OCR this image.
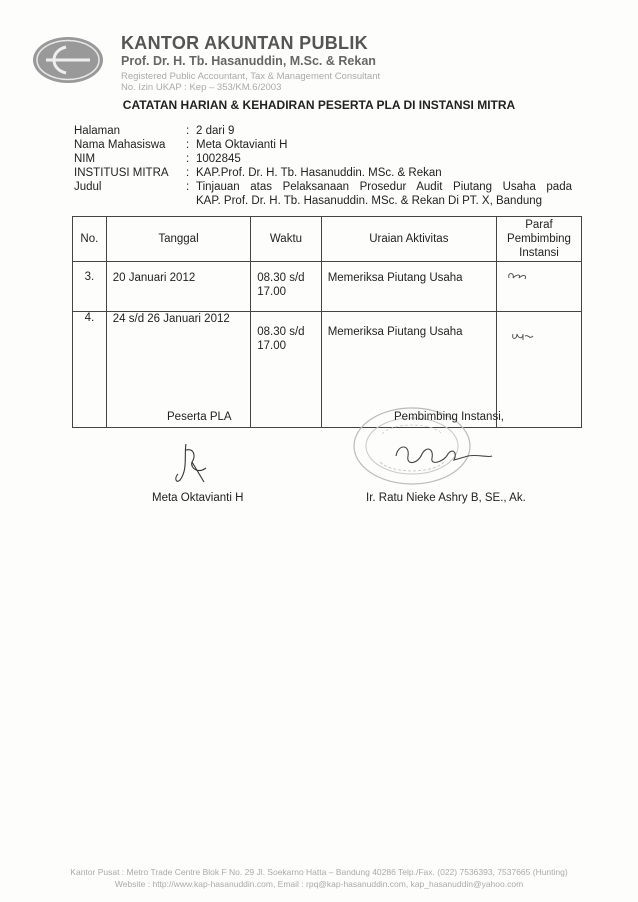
KANTOR AKUNTAN PUBLIK
Prof. Dr. H. Tb. Hasanuddin, M.Sc. & Rekan
Registered Public Accountant, Tax & Management Consultant
No. Izin UKAP : Kep – 353/KM.6/2003
CATATAN HARIAN & KEHADIRAN PESERTA PLA DI INSTANSI MITRA
Halaman	: 2 dari 9
Nama Mahasiswa	: Meta Oktavianti H
NIM	: 1002845
INSTITUSI MITRA	: KAP.Prof. Dr. H. Tb. Hasanuddin. MSc. & Rekan
Judul	: Tinjauan atas Pelaksanaan Prosedur Audit Piutang Usaha pada
KAP. Prof. Dr. H. Tb. Hasanuddin. MSc. & Rekan Di PT. X, Bandung
No.	Tanggal	Waktu	Uraian Aktivitas	Paraf
Pembimbing
Instansi

3.	20 Januari 2012	08.30 s/d
17.00	Memeriksa Piutang Usaha

4.	24 s/d 26 Januari 2012	08.30 s/d
17.00	Memeriksa Piutang Usaha

Peserta PLA	Pembimbing Instansi,
Meta Oktavianti H	Ir. Ratu Nieke Ashry B, SE., Ak.
Kantor Pusat : Metro Trade Centre Blok F No. 29 Jl. Soekarno Hatta – Bandung 40286 Telp./Fax. (022) 7536393, 7537665 (Hunting)
Website : http://www.kap-hasanuddin.com, Email : rpq@kap-hasanuddin.com, kap_hasanuddin@yahoo.com
